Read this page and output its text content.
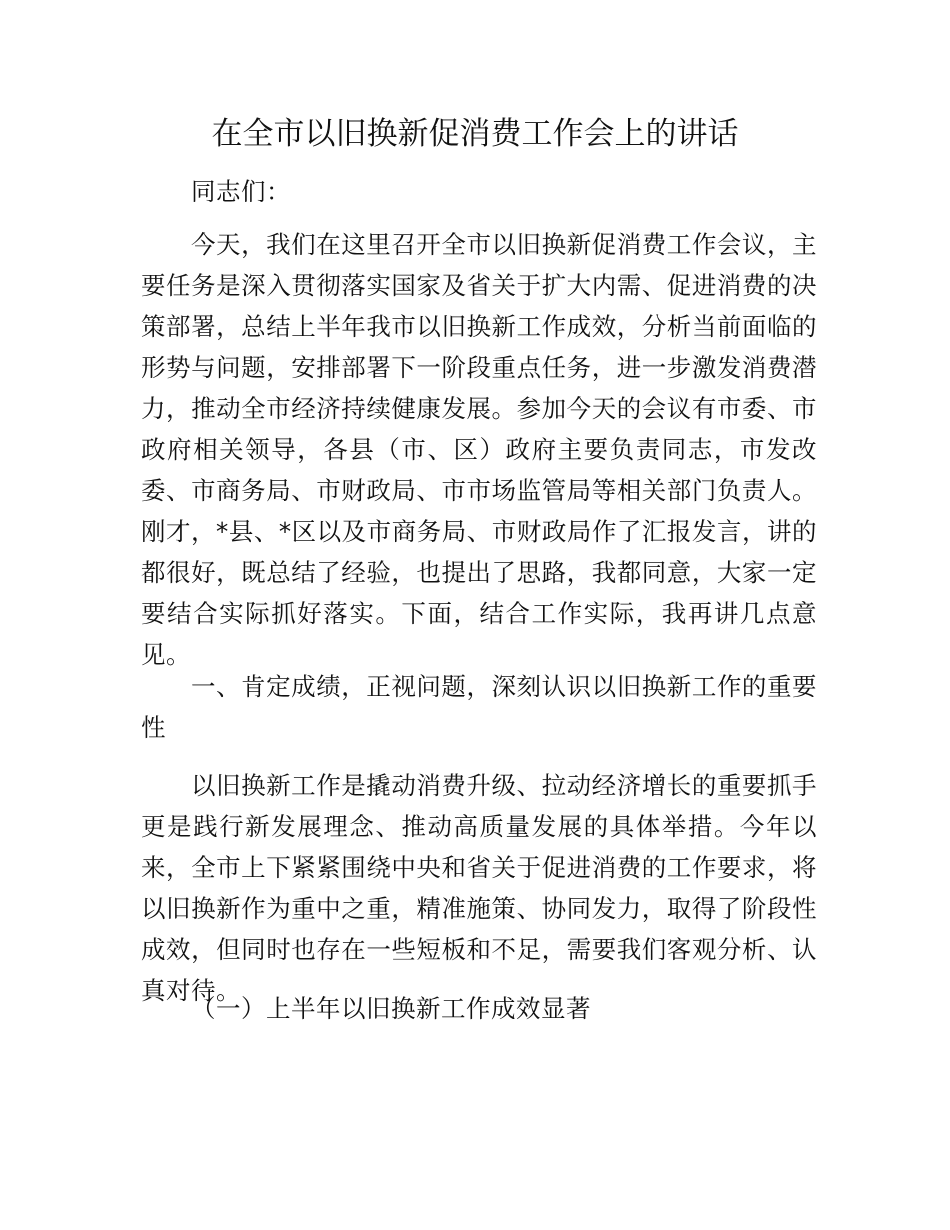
在全市以旧换新促消费工作会上的讲话

同志们：

今天，我们在这里召开全市以旧换新促消费工作会议，主要任务是深入贯彻落实国家及省关于扩大内需、促进消费的决策部署，总结上半年我市以旧换新工作成效，分析当前面临的形势与问题，安排部署下一阶段重点任务，进一步激发消费潜力，推动全市经济持续健康发展。参加今天的会议有市委、市政府相关领导，各县（市、区）政府主要负责同志，市发改委、市商务局、市财政局、市市场监管局等相关部门负责人。刚才，*县、*区以及市商务局、市财政局作了汇报发言，讲的都很好，既总结了经验，也提出了思路，我都同意，大家一定要结合实际抓好落实。下面，结合工作实际，我再讲几点意见。

一、肯定成绩，正视问题，深刻认识以旧换新工作的重要性

以旧换新工作是撬动消费升级、拉动经济增长的重要抓手更是践行新发展理念、推动高质量发展的具体举措。今年以来，全市上下紧紧围绕中央和省关于促进消费的工作要求，将以旧换新作为重中之重，精准施策、协同发力，取得了阶段性成效，但同时也存在一些短板和不足，需要我们客观分析、认真对待。

（一）上半年以旧换新工作成效显著
